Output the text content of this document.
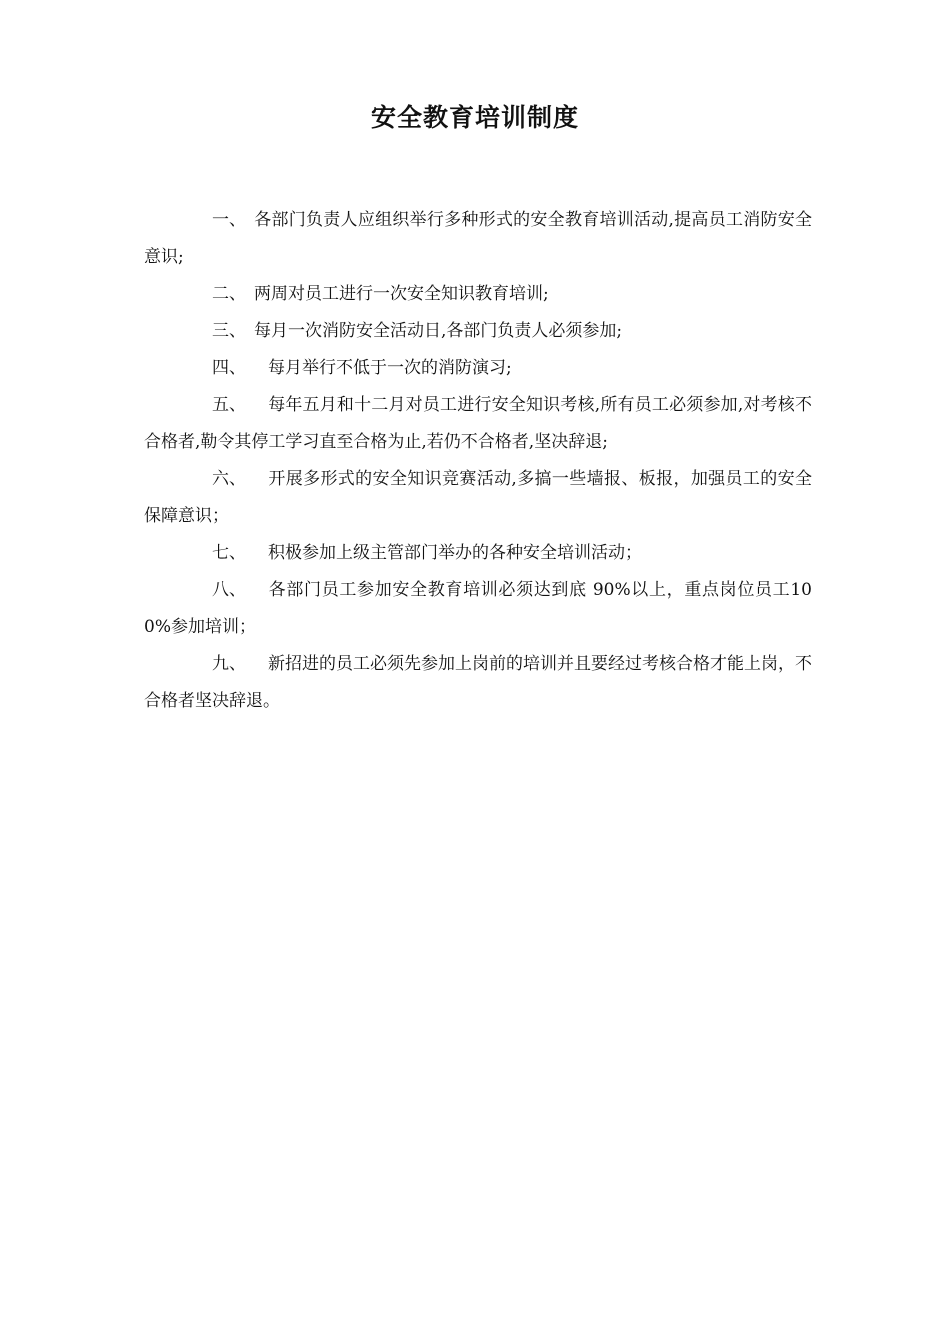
安全教育培训制度

一、 各部门负责人应组织举行多种形式的安全教育培训活动,提高员工消防安全意识;

二、 两周对员工进行一次安全知识教育培训;

三、 每月一次消防安全活动日,各部门负责人必须参加;

四、 每月举行不低于一次的消防演习;

五、 每年五月和十二月对员工进行安全知识考核,所有员工必须参加,对考核不合格者,勒令其停工学习直至合格为止,若仍不合格者,坚决辞退;

六、 开展多形式的安全知识竞赛活动,多搞一些墙报、板报，加强员工的安全保障意识；

七、 积极参加上级主管部门举办的各种安全培训活动；

八、 各部门员工参加安全教育培训必须达到底 90%以上，重点岗位员工100%参加培训；

九、 新招进的员工必须先参加上岗前的培训并且要经过考核合格才能上岗，不合格者坚决辞退。
